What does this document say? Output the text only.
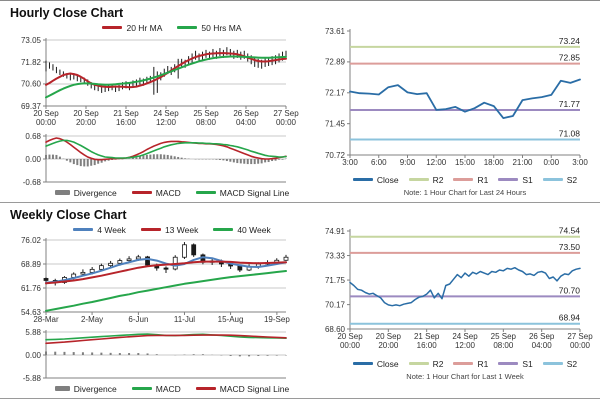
Hourly Close Chart
20 Hr MA	50 Hrs MA
73.05
71.82
70.60
69.37
20 Sep
00:00
20 Sep
20:00
21 Sep
16:00
24 Sep
12:00
25 Sep
08:00
26 Sep
04:00
27 Sep
00:00
0.68
0.00
-0.68
Divergence	MACD	MACD Signal Line
73.61
72.89
72.17
71.45
70.72
3:00 6:00 9:00 12:00 15:00 18:00 21:00 0:00 3:00
73.24
72.85
71.77
71.08
Close	R2	R1	S1	S2
Note: 1 Hour Chart for Last 24 Hours
Weekly Close Chart
4 Week	13 Week	40 Week
76.02
68.89
61.76
54.63
28-Mar	2-May	6-Jun	11-Jul	15-Aug	19-Sep
5.88
0.00
-5.88
Divergence	MACD	MACD Signal Line
74.91
73.33
71.75
70.17
68.60
20 Sep
00:00
20 Sep
20:00
21 Sep
16:00
24 Sep
12:00
25 Sep
08:00
26 Sep
04:00
27 Sep
00:00
74.54
73.50
70.70
68.94
Close	R2	R1	S1	S2
Note: 1 Hour Chart for Last 1 Week
